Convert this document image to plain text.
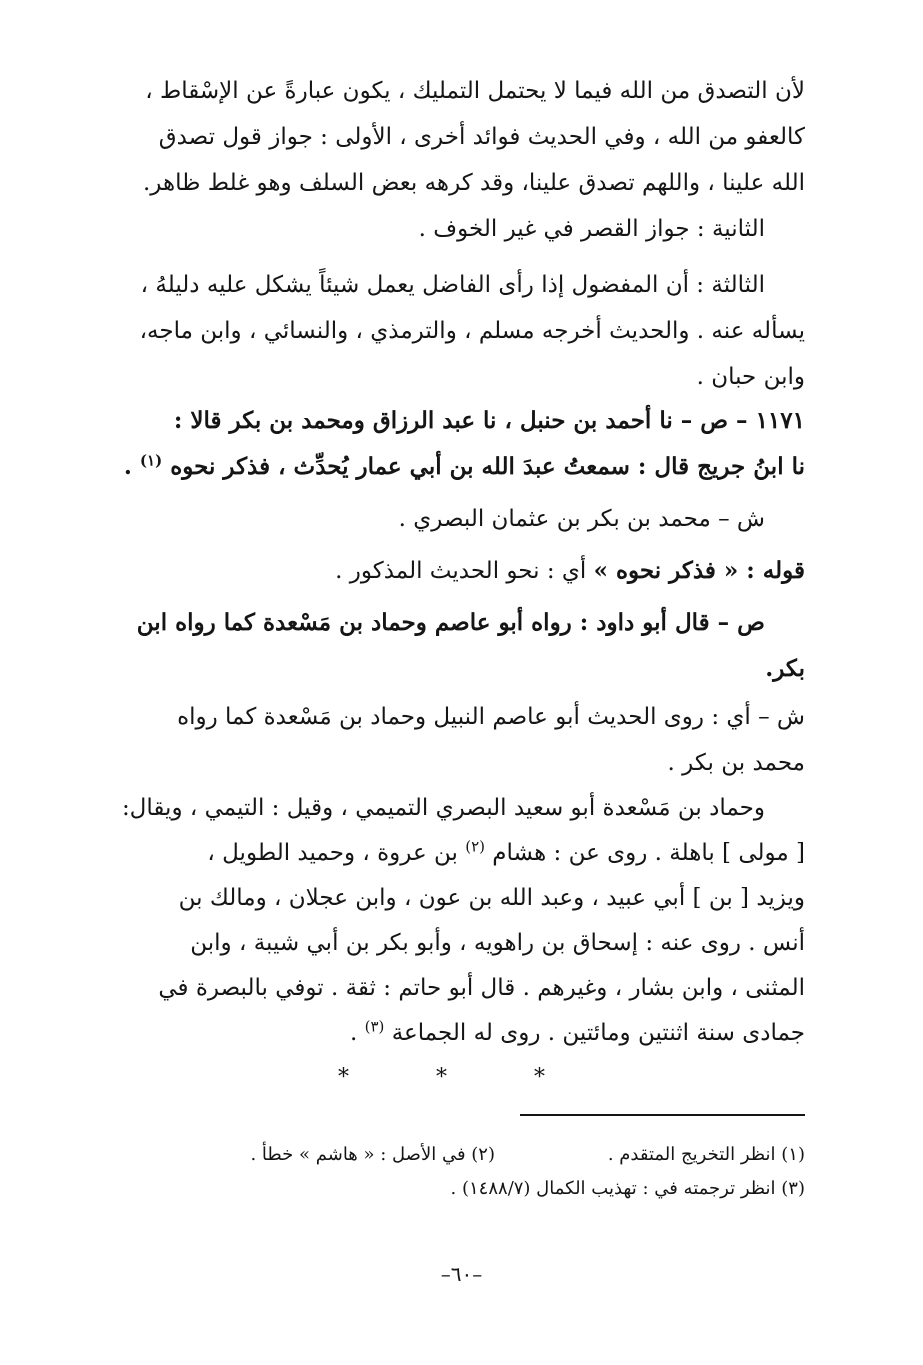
لأن التصدق من الله فيما لا يحتمل التمليك ، يكون عبارةً عن الإسْقاط ،
كالعفو من الله ، وفي الحديث فوائد أخرى ، الأولى : جواز قول تصدق
الله علينا ، واللهم تصدق علينا، وقد كرهه بعض السلف وهو غلط ظاهر.
الثانية : جواز القصر في غير الخوف .
الثالثة : أن المفضول إذا رأى الفاضل يعمل شيئاً يشكل عليه دليلهُ ،
يسأله عنه . والحديث أخرجه مسلم ، والترمذي ، والنسائي ، وابن ماجه،
وابن حبان .
١١٧١ – ص – نا أحمد بن حنبل ، نا عبد الرزاق ومحمد بن بكر قالا :
نا ابنُ جريج قال : سمعتُ عبدَ الله بن أبي عمار يُحدِّث ، فذكر نحوه $^{(١)}$ .
ش – محمد بن بكر بن عثمان البصري .
قوله : « فذكر نحوه » أي : نحو الحديث المذكور .
ص – قال أبو داود : رواه أبو عاصم وحماد بن مَسْعدة كما رواه ابن
بكر.
ش – أي : روى الحديث أبو عاصم النبيل وحماد بن مَسْعدة كما رواه
محمد بن بكر .
وحماد بن مَسْعدة أبو سعيد البصري التميمي ، وقيل : التيمي ، ويقال:
[ مولى ] باهلة . روى عن : هشام $^{(٢)}$ بن عروة ، وحميد الطويل ،
ويزيد [ بن ] أبي عبيد ، وعبد الله بن عون ، وابن عجلان ، ومالك بن
أنس . روى عنه : إسحاق بن راهويه ، وأبو بكر بن أبي شيبة ، وابن
المثنى ، وابن بشار ، وغيرهم . قال أبو حاتم : ثقة . توفي بالبصرة في
جمادى سنة اثنتين ومائتين . روى له الجماعة $^{(٣)}$ .
* * *
(١) انظر التخريج المتقدم .
(٢) في الأصل : « هاشم » خطأ .
(٣) انظر ترجمته في : تهذيب الكمال (١٤٨٨/٧) .
–٦٠–
